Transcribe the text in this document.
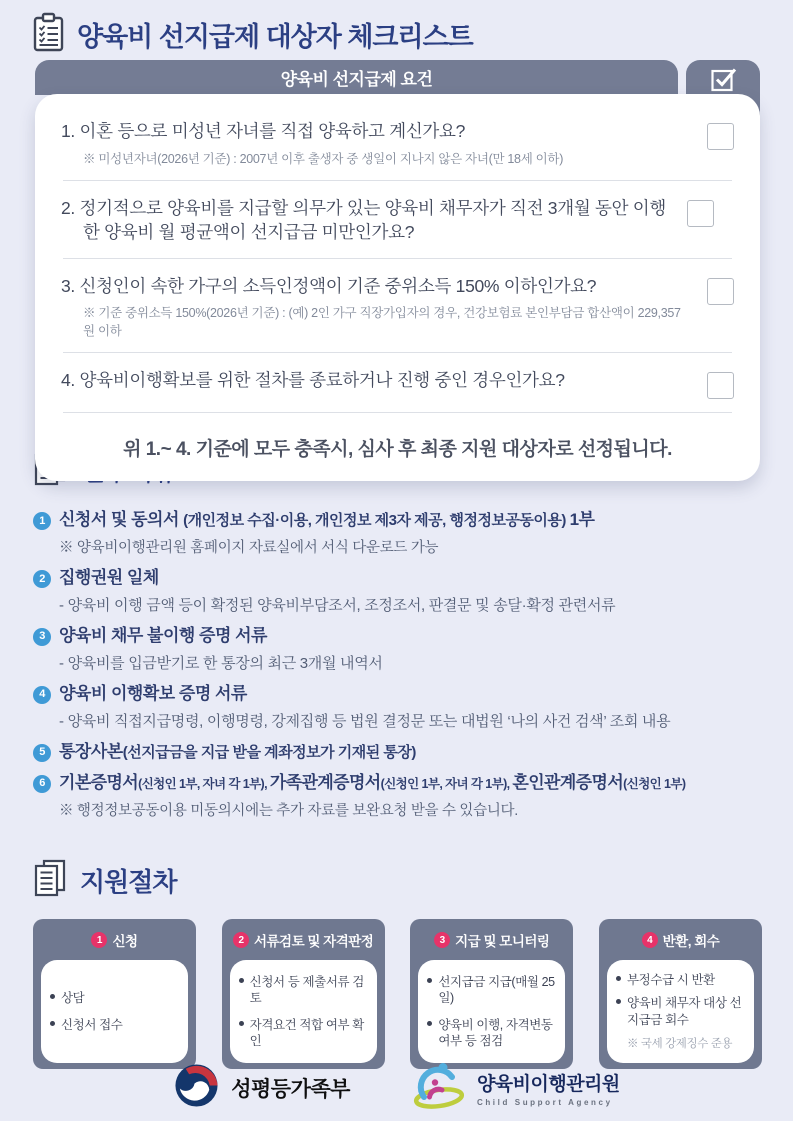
양육비 선지급제 대상자 체크리스트
양육비 선지급제 요건
1. 이혼 등으로 미성년 자녀를 직접 양육하고 계신가요?
※ 미성년자녀(2026년 기준) : 2007년 이후 출생자 중 생일이 지나지 않은 자녀(만 18세 이하)
2. 정기적으로 양육비를 지급할 의무가 있는 양육비 채무자가 직전 3개월 동안 이행한 양육비 월 평균액이 선지급금 미만인가요?
3. 신청인이 속한 가구의 소득인정액이 기준 중위소득 150% 이하인가요?
※ 기준 중위소득 150%(2026년 기준) : (예) 2인 가구 직장가입자의 경우, 건강보험료 본인부담금 합산액이 229,357원 이하
4. 양육비이행확보를 위한 절차를 종료하거나 진행 중인 경우인가요?
위 1.~ 4. 기준에 모두 충족시, 심사 후 최종 지원 대상자로 선정됩니다.
1 신청서 및 동의서 (개인정보 수집·이용, 개인정보 제3자 제공, 행정정보공동이용) 1부
※ 양육비이행관리원 홈페이지 자료실에서 서식 다운로드 가능
2 집행권원 일체
- 양육비 이행 금액 등이 확정된 양육비부담조서, 조정조서, 판결문 및 송달·확정 관련서류
3 양육비 채무 불이행 증명 서류
- 양육비를 입금받기로 한 통장의 최근 3개월 내역서
4 양육비 이행확보 증명 서류
- 양육비 직접지급명령, 이행명령, 강제집행 등 법원 결정문 또는 대법원 ‘나의 사건 검색’ 조회 내용
5 통장사본(선지급금을 지급 받을 계좌정보가 기재된 통장)
6 기본증명서(신청인 1부, 자녀 각 1부), 가족관계증명서(신청인 1부, 자녀 각 1부), 혼인관계증명서(신청인 1부)
※ 행정정보공동이용 미동의시에는 추가 자료를 보완요청 받을 수 있습니다.
지원절차
1 신청
상담
신청서 접수
2 서류검토 및 자격판정
신청서 등 제출서류 검토
자격요건 적합 여부 확인
3 지급 및 모니터링
선지급금 지급(매월 25일)
양육비 이행, 자격변동 여부 등 점검
4 반환, 회수
부정수급 시 반환
양육비 채무자 대상 선지급금 회수
※ 국세 강제징수 준용
성평등가족부	양육비이행관리원
Child Support Agency
